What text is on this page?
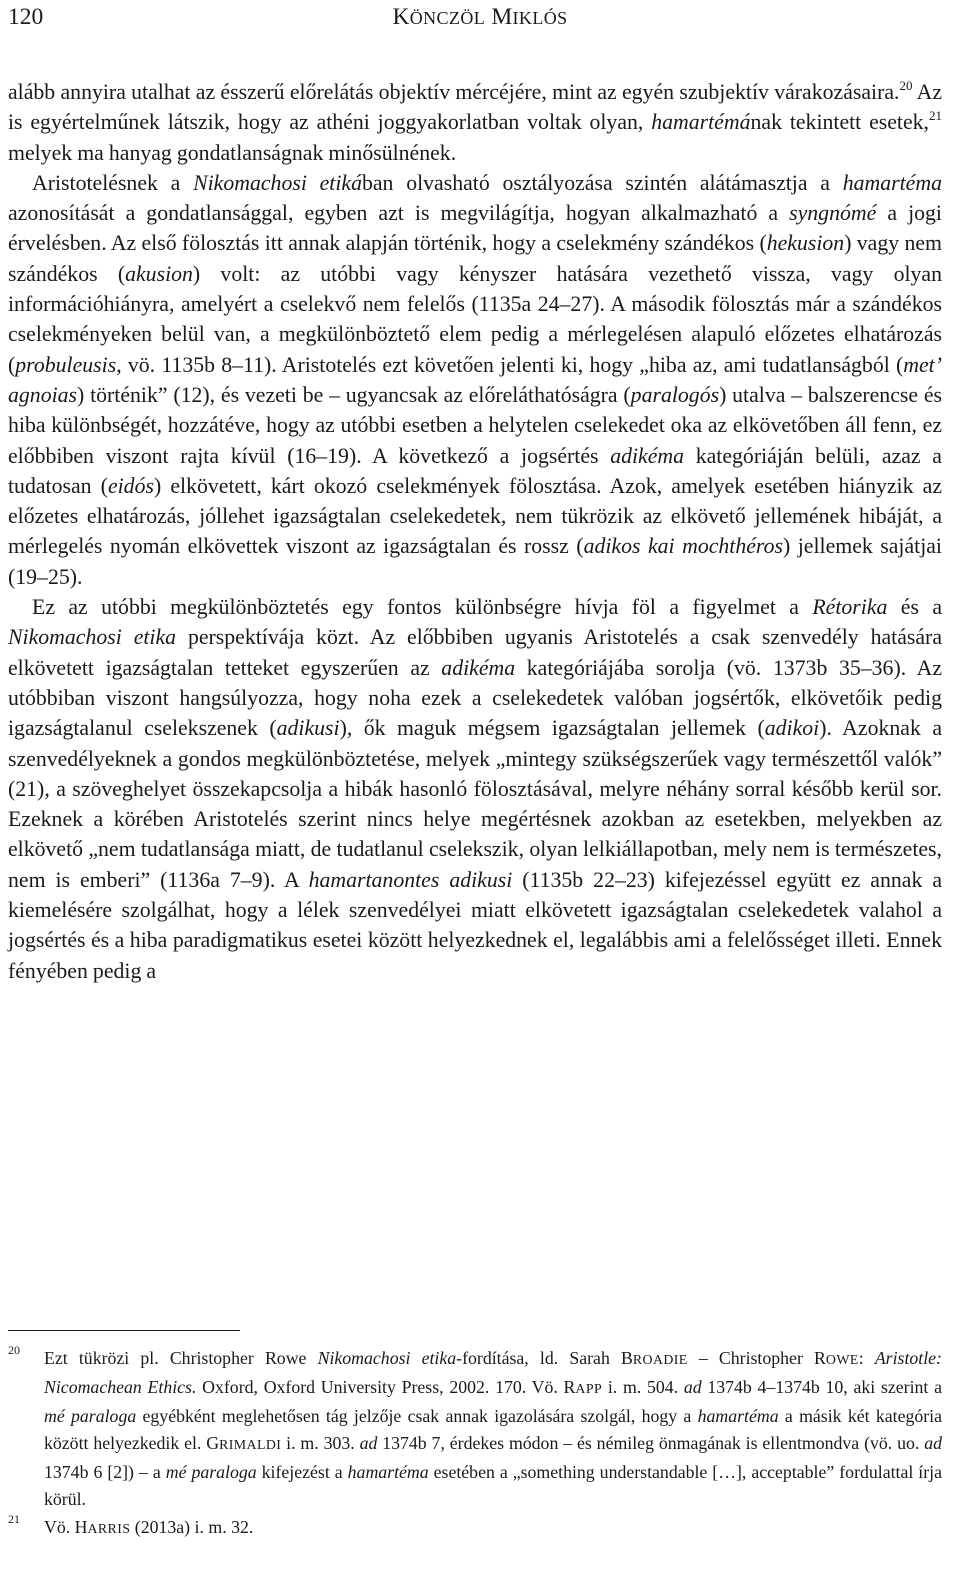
120	KÖNCZÖL MIKLÓS

alább annyira utalhat az ésszerű előrelátás objektív mércéjére, mint az egyén szubjektív várakozásaira.$^{20}$ Az is egyértelműnek látszik, hogy az athéni joggyakorlatban voltak olyan, hamartémának tekintett esetek,$^{21}$ melyek ma hanyag gondatlanságnak minősülnének.

Aristotelésnek a Nikomachosi etikában olvasható osztályozása szintén alátámasztja a hamartéma azonosítását a gondatlansággal, egyben azt is megvilágítja, hogyan alkalmazható a syngnómé a jogi érvelésben. Az első fölosztás itt annak alapján történik, hogy a cselekmény szándékos (hekusion) vagy nem szándékos (akusion) volt: az utóbbi vagy kényszer hatására vezethető vissza, vagy olyan információhiányra, amelyért a cselekvő nem felelős (1135a 24–27). A második fölosztás már a szándékos cselekményeken belül van, a megkülönböztető elem pedig a mérlegelésen alapuló előzetes elhatározás (probuleusis, vö. 1135b 8–11). Aristotelés ezt követően jelenti ki, hogy „hiba az, ami tudatlanságból (met’ agnoias) történik” (12), és vezeti be – ugyancsak az előreláthatóságra (paralogós) utalva – balszerencse és hiba különbségét, hozzátéve, hogy az utóbbi esetben a helytelen cselekedet oka az elkövetőben áll fenn, ez előbbiben viszont rajta kívül (16–19). A következő a jogsértés adikéma kategóriáján belüli, azaz a tudatosan (eidós) elkövetett, kárt okozó cselekmények fölosztása. Azok, amelyek esetében hiányzik az előzetes elhatározás, jóllehet igazságtalan cselekedetek, nem tükrözik az elkövető jellemének hibáját, a mérlegelés nyomán elkövettek viszont az igazságtalan és rossz (adikos kai mochthéros) jellemek sajátjai (19–25).

Ez az utóbbi megkülönböztetés egy fontos különbségre hívja föl a figyelmet a Rétorika és a Nikomachosi etika perspektívája közt. Az előbbiben ugyanis Aristotelés a csak szenvedély hatására elkövetett igazságtalan tetteket egyszerűen az adikéma kategóriájába sorolja (vö. 1373b 35–36). Az utóbbiban viszont hangsúlyozza, hogy noha ezek a cselekedetek valóban jogsértők, elkövetőik pedig igazságtalanul cselekszenek (adikusi), ők maguk mégsem igazságtalan jellemek (adikoi). Azoknak a szenvedélyeknek a gondos megkülönböztetése, melyek „mintegy szükségszerűek vagy természettől valók” (21), a szöveghelyet összekapcsolja a hibák hasonló fölosztásával, melyre néhány sorral később kerül sor. Ezeknek a körében Aristotelés szerint nincs helye megértésnek azokban az esetekben, melyekben az elkövető „nem tudatlansága miatt, de tudatlanul cselekszik, olyan lelkiállapotban, mely nem is természetes, nem is emberi” (1136a 7–9). A hamartanontes adikusi (1135b 22–23) kifejezéssel együtt ez annak a kiemelésére szolgálhat, hogy a lélek szenvedélyei miatt elkövetett igazságtalan cselekedetek valahol a jogsértés és a hiba paradigmatikus esetei között helyezkednek el, legalábbis ami a felelősséget illeti. Ennek fényében pedig a

20 Ezt tükrözi pl. Christopher Rowe Nikomachosi etika-fordítása, ld. Sarah BROADIE – Christopher ROWE: Aristotle: Nicomachean Ethics. Oxford, Oxford University Press, 2002. 170. Vö. RAPP i. m. 504. ad 1374b 4–1374b 10, aki szerint a mé paraloga egyébként meglehetősen tág jelzője csak annak igazolására szolgál, hogy a hamartéma a másik két kategória között helyezkedik el. GRIMALDI i. m. 303. ad 1374b 7, érdekes módon – és némileg önmagának is ellentmondva (vö. uo. ad 1374b 6 [2]) – a mé paraloga kifejezést a hamartéma esetében a „something understandable […], acceptable” fordulattal írja körül.
21 Vö. HARRIS (2013a) i. m. 32.
